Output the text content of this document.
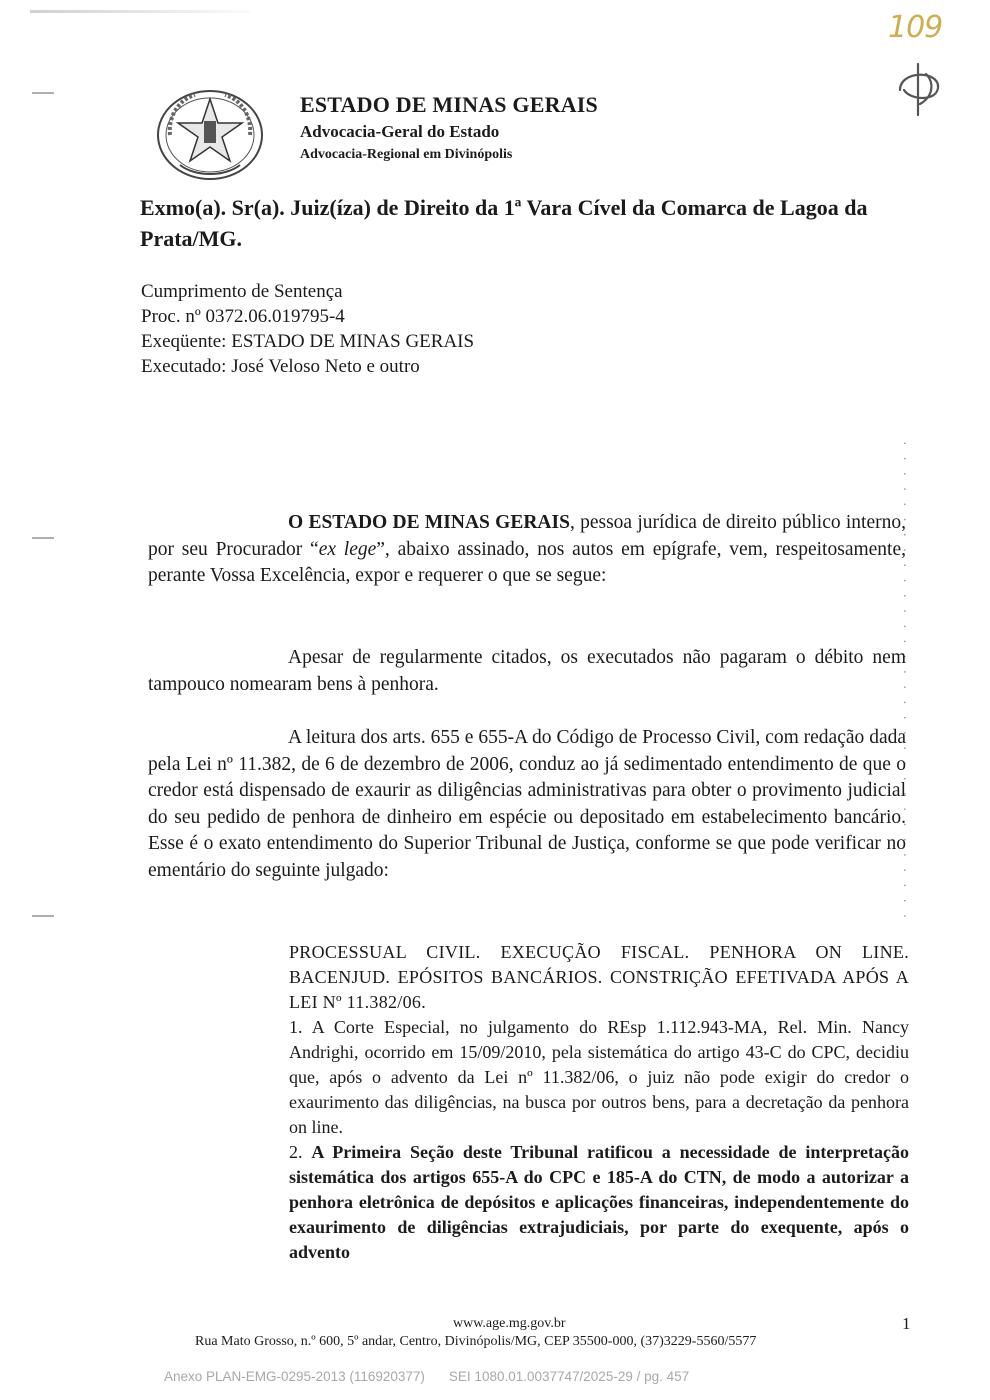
109

ESTADO DE MINAS GERAIS

Advocacia-Geral do Estado

Advocacia-Regional em Divinópolis

Exmo(a). Sr(a). Juiz(íza) de Direito da 1ª Vara Cível da Comarca de Lagoa da Prata/MG.
Cumprimento de Sentença
Proc. nº 0372.06.019795-4
Exeqüente: ESTADO DE MINAS GERAIS
Executado: José Veloso Neto e outro
· · · · · · · · · · · · · · · · · · · · · · · · · · · · · · · ·

O ESTADO DE MINAS GERAIS, pessoa jurídica de direito público interno, por seu Procurador “ex lege”, abaixo assinado, nos autos em epígrafe, vem, respeitosamente, perante Vossa Excelência, expor e requerer o que se segue:

Apesar de regularmente citados, os executados não pagaram o débito nem tampouco nomearam bens à penhora.

A leitura dos arts. 655 e 655-A do Código de Processo Civil, com redação dada pela Lei nº 11.382, de 6 de dezembro de 2006, conduz ao já sedimentado entendimento de que o credor está dispensado de exaurir as diligências administrativas para obter o provimento judicial do seu pedido de penhora de dinheiro em espécie ou depositado em estabelecimento bancário. Esse é o exato entendimento do Superior Tribunal de Justiça, conforme se que pode verificar no ementário do seguinte julgado:

PROCESSUAL CIVIL. EXECUÇÃO FISCAL. PENHORA ON LINE. BACENJUD. EPÓSITOS BANCÁRIOS. CONSTRIÇÃO EFETIVADA APÓS A LEI Nº 11.382/06.
1. A Corte Especial, no julgamento do REsp 1.112.943-MA, Rel. Min. Nancy Andrighi, ocorrido em 15/09/2010, pela sistemática do artigo 43-C do CPC, decidiu que, após o advento da Lei nº 11.382/06, o juiz não pode exigir do credor o exaurimento das diligências, na busca por outros bens, para a decretação da penhora on line.
2. A Primeira Seção deste Tribunal ratificou a necessidade de interpretação sistemática dos artigos 655-A do CPC e 185-A do CTN, de modo a autorizar a penhora eletrônica de depósitos e aplicações financeiras, independentemente do exaurimento de diligências extrajudiciais, por parte do exequente, após o advento
www.age.mg.gov.br	1
Rua Mato Grosso, n.º 600, 5º andar, Centro, Divinópolis/MG, CEP 35500-000, (37)3229-5560/5577
Anexo PLAN-EMG-0295-2013 (116920377) SEI 1080.01.0037747/2025-29 / pg. 457
